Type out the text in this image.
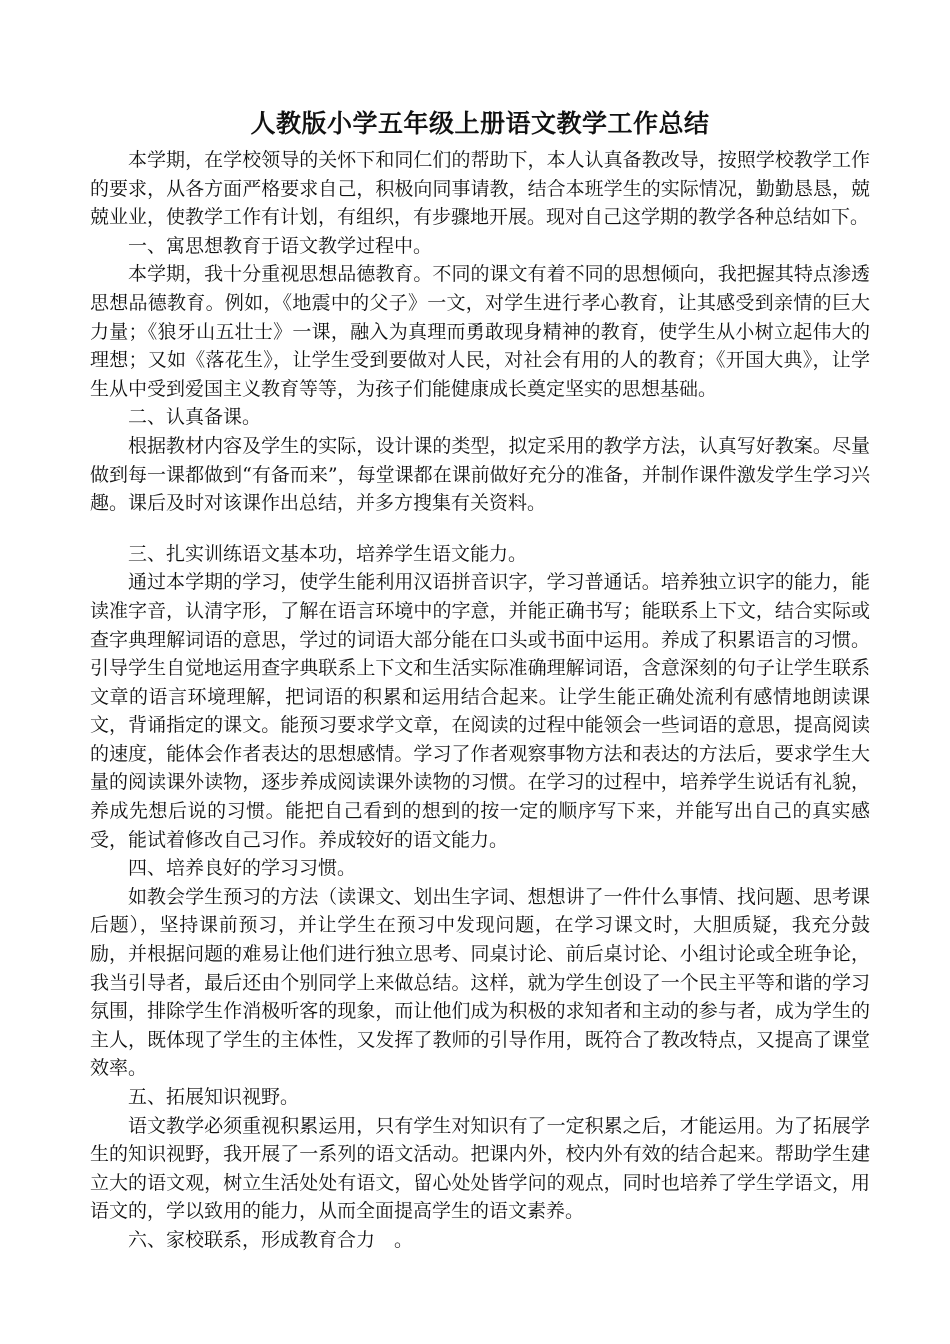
人教版小学五年级上册语文教学工作总结

本学期，在学校领导的关怀下和同仁们的帮助下，本人认真备教改导，按照学校教学工作的要求，从各方面严格要求自己，积极向同事请教，结合本班学生的实际情况，勤勤恳恳，兢兢业业，使教学工作有计划，有组织，有步骤地开展。现对自己这学期的教学各种总结如下。

一、寓思想教育于语文教学过程中。

本学期，我十分重视思想品德教育。不同的课文有着不同的思想倾向，我把握其特点渗透思想品德教育。例如，《地震中的父子》一文，对学生进行孝心教育，让其感受到亲情的巨大力量；《狼牙山五壮士》一课，融入为真理而勇敢现身精神的教育，使学生从小树立起伟大的理想；又如《落花生》，让学生受到要做对人民，对社会有用的人的教育；《开国大典》，让学生从中受到爱国主义教育等等，为孩子们能健康成长奠定坚实的思想基础。

二、认真备课。

根据教材内容及学生的实际，设计课的类型，拟定采用的教学方法，认真写好教案。尽量做到每一课都做到“有备而来”，每堂课都在课前做好充分的准备，并制作课件激发学生学习兴趣。课后及时对该课作出总结，并多方搜集有关资料。

三、扎实训练语文基本功，培养学生语文能力。

通过本学期的学习，使学生能利用汉语拼音识字，学习普通话。培养独立识字的能力，能读准字音，认清字形，了解在语言环境中的字意，并能正确书写；能联系上下文，结合实际或查字典理解词语的意思，学过的词语大部分能在口头或书面中运用。养成了积累语言的习惯。引导学生自觉地运用查字典联系上下文和生活实际准确理解词语，含意深刻的句子让学生联系文章的语言环境理解，把词语的积累和运用结合起来。让学生能正确处流利有感情地朗读课文，背诵指定的课文。能预习要求学文章，在阅读的过程中能领会一些词语的意思，提高阅读的速度，能体会作者表达的思想感情。学习了作者观察事物方法和表达的方法后，要求学生大量的阅读课外读物，逐步养成阅读课外读物的习惯。在学习的过程中，培养学生说话有礼貌，养成先想后说的习惯。能把自己看到的想到的按一定的顺序写下来，并能写出自己的真实感受，能试着修改自己习作。养成较好的语文能力。

四、培养良好的学习习惯。

如教会学生预习的方法（读课文、划出生字词、想想讲了一件什么事情、找问题、思考课后题），坚持课前预习，并让学生在预习中发现问题，在学习课文时，大胆质疑，我充分鼓励，并根据问题的难易让他们进行独立思考、同桌讨论、前后桌讨论、小组讨论或全班争论，我当引导者，最后还由个别同学上来做总结。这样，就为学生创设了一个民主平等和谐的学习氛围，排除学生作消极听客的现象，而让他们成为积极的求知者和主动的参与者，成为学生的主人，既体现了学生的主体性，又发挥了教师的引导作用，既符合了教改特点，又提高了课堂效率。

五、拓展知识视野。

语文教学必须重视积累运用，只有学生对知识有了一定积累之后，才能运用。为了拓展学生的知识视野，我开展了一系列的语文活动。把课内外，校内外有效的结合起来。帮助学生建立大的语文观，树立生活处处有语文，留心处处皆学问的观点，同时也培养了学生学语文，用语文的，学以致用的能力，从而全面提高学生的语文素养。

六、家校联系，形成教育合力　。
